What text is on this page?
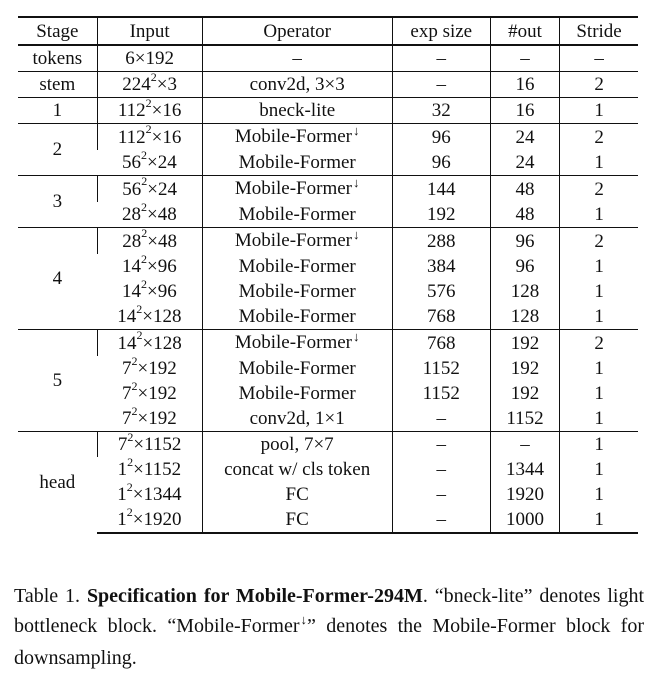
Stage	Input	Operator	exp size	#out	Stride
tokens	6×192	–	–	–	–
stem	$224^2\times 3$	conv2d, 3×3	–	16	2
1	$112^2\times 16$	bneck-lite	32	16	1
2	$112^2\times 16$	Mobile-Former↓	96	24	2
	$56^2\times 24$	Mobile-Former	96	24	1
3	$56^2\times 24$	Mobile-Former↓	144	48	2
	$28^2\times 48$	Mobile-Former	192	48	1
4	$28^2\times 48$	Mobile-Former↓	288	96	2
	$14^2\times 96$	Mobile-Former	384	96	1
	$14^2\times 96$	Mobile-Former	576	128	1
	$14^2\times 128$	Mobile-Former	768	128	1
5	$14^2\times 128$	Mobile-Former↓	768	192	2
	$7^2\times 192$	Mobile-Former	1152	192	1
	$7^2\times 192$	Mobile-Former	1152	192	1
	$7^2\times 192$	conv2d, 1×1	–	1152	1
head	$7^2\times 1152$	pool, 7×7	–	–	1
	$1^2\times 1152$	concat w/ cls token	–	1344	1
	$1^2\times 1344$	FC	–	1920	1
	$1^2\times 1920$	FC	–	1000	1
Table 1. Specification for Mobile-Former-294M. “bneck-lite” denotes light bottleneck block. “Mobile-Former↓” denotes the Mobile-Former block for downsampling.
